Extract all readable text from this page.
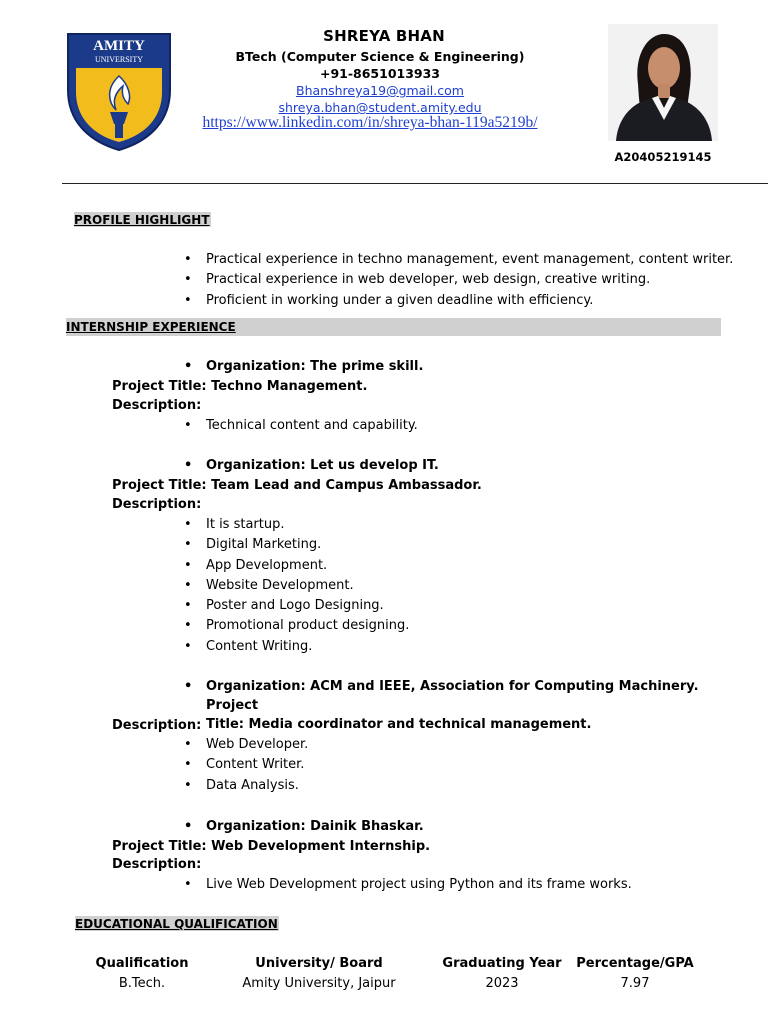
AMITY
UNIVERSITY
SHREYA BHAN
BTech (Computer Science & Engineering)
+91-8651013933
Bhanshreya19@gmail.com
shreya.bhan@student.amity.edu
https://www.linkedin.com/in/shreya-bhan-119a5219b/
A20405219145
PROFILE HIGHLIGHT
• Practical experience in techno management, event management, content writer.
• Practical experience in web developer, web design, creative writing.
• Proficient in working under a given deadline with efficiency.
INTERNSHIP EXPERIENCE
• Organization: The prime skill.
Project Title: Techno Management.
Description:
• Technical content and capability.
• Organization: Let us develop IT.
Project Title: Team Lead and Campus Ambassador.
Description:
• It is startup.
• Digital Marketing.
• App Development.
• Website Development.
• Poster and Logo Designing.
• Promotional product designing.
• Content Writing.
• Organization: ACM and IEEE, Association for Computing Machinery. Project
Title: Media coordinator and technical management.
Description:
• Web Developer.
• Content Writer.
• Data Analysis.
• Organization: Dainik Bhaskar.
Project Title: Web Development Internship.
Description:
• Live Web Development project using Python and its frame works.
EDUCATIONAL QUALIFICATION
Qualification	University/ Board	Graduating Year	Percentage/GPA
B.Tech.	Amity University, Jaipur	2023	7.97
